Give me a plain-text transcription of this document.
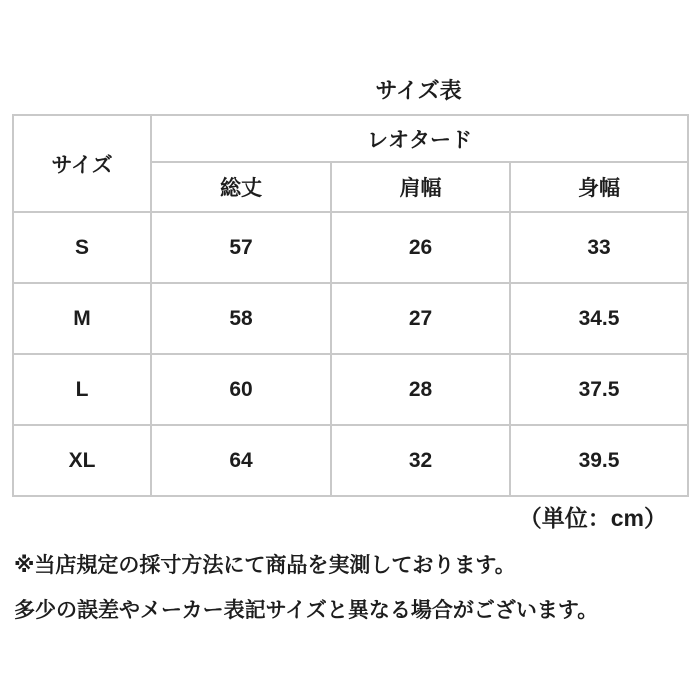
サイズ表
サイズ	レオタード		
	総丈	肩幅	身幅
S	57	26	33
M	58	27	34.5
L	60	28	37.5
XL	64	32	39.5
（単位：cm）

※当店規定の採寸方法にて商品を実測しております。

多少の誤差やメーカー表記サイズと異なる場合がございます。
